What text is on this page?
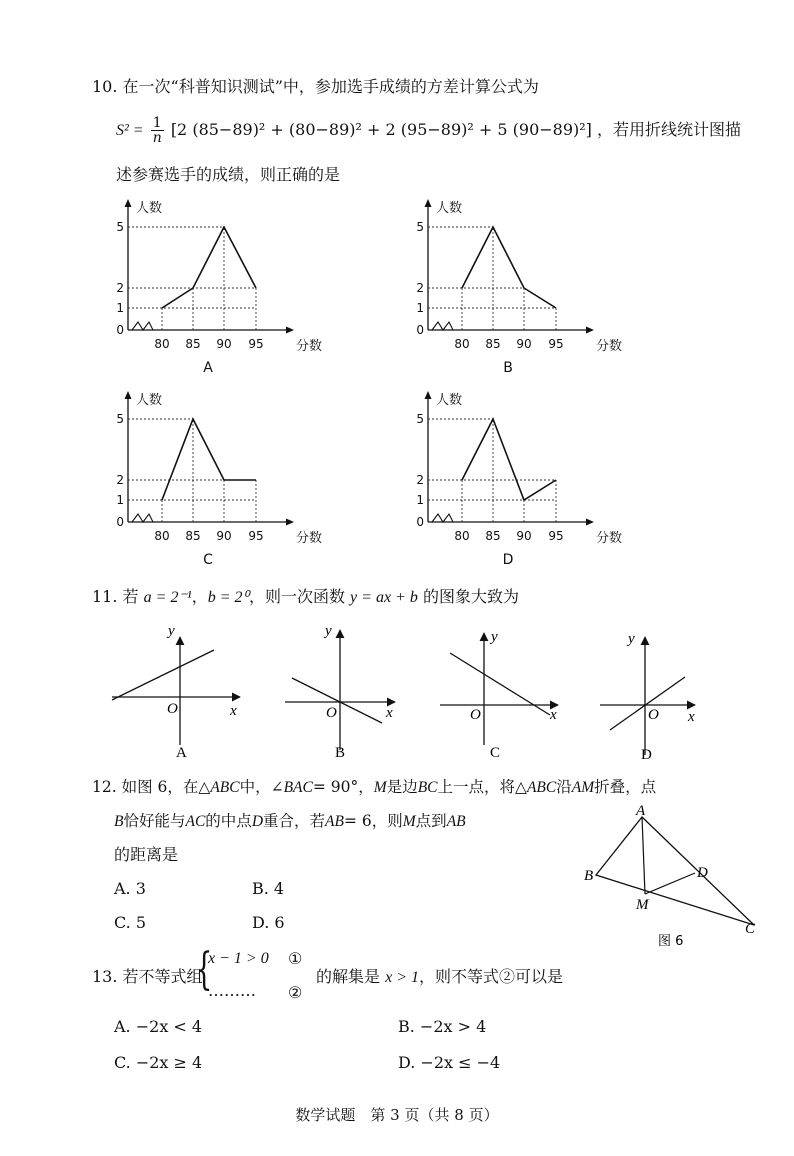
10. 在一次“科普知识测试”中，参加选手成绩的方差计算公式为
$S^2 = \frac{1}{n} [2$ (85−89)² + (80−89)² + 2 (95−89)² + 5 (90−89)²] ，若用折线统计图描
述参赛选手的成绩，则正确的是
80 85 90 95
0
1
2
5
人数
分数
A
80 85 90 95
0
1
2
5
人数
分数
B
80 85 90 95
0
1
2
5
人数
分数
C
80 85 90 95
0
1
2
5
人数
分数
D
11. 若 a = 2⁻¹，b = 2⁰，则一次函数 y = ax + b 的图象大致为
y
x
O
A
y
x
O
B
y
x
O
C
y
x
O
D
12. 如图 6，在△ABC中，∠BAC= 90°，M是边BC上一点，将△ABC沿AM折叠，点
B恰好能与AC的中点D重合，若AB= 6，则M点到AB
的距离是
A. 3	B. 4
C. 5	D. 6
A
B	D
M
C
图 6
13. 若不等式组
{
x − 1 > 0 ①
……… ②
的解集是 x > 1，则不等式②可以是
A. −2x < 4	B. −2x > 4
C. −2x ≥ 4	D. −2x ≤ −4
数学试题　第 3 页（共 8 页）
